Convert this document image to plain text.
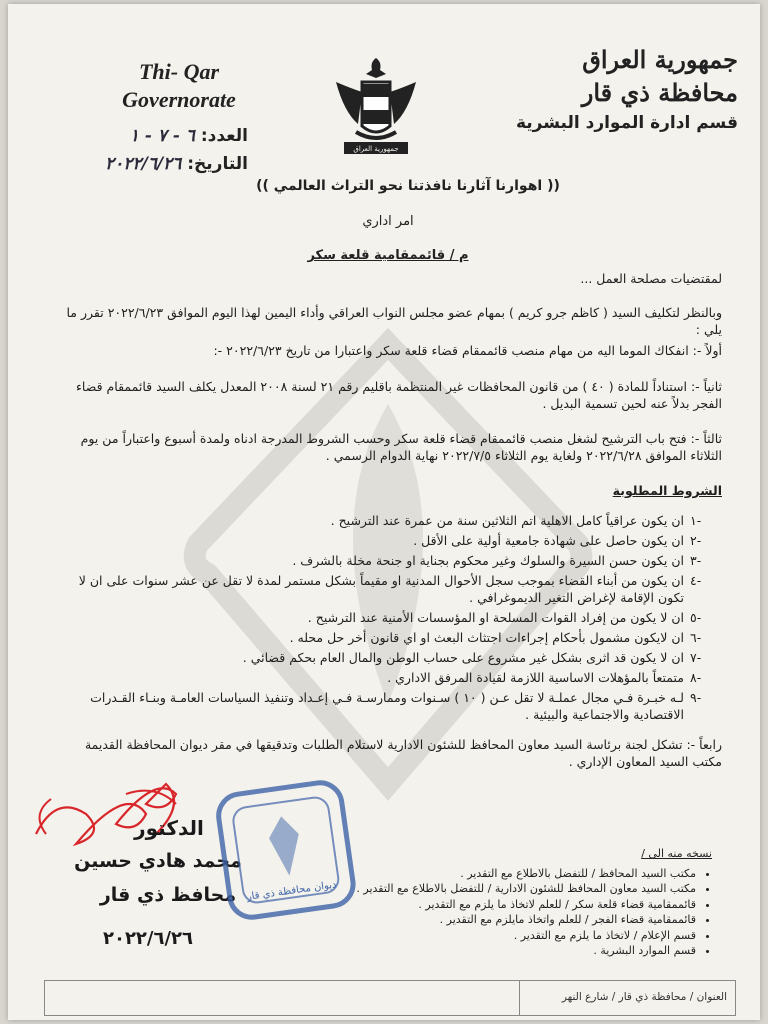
جمهورية العراق
محافظة ذي قار
قسم ادارة الموارد البشرية
جمهورية العراق
Thi- Qar
Governorate
العدد: ٦ - ٧ - ١
التاريخ: ٢٠٢٢/٦/٢٦
(( اهوارنا آثارنا نافذتنا نحو التراث العالمي ))
امر اداري
م / قائممقامية قلعة سكر
لمقتضيات مصلحة العمل ...
وبالنظر لتكليف السيد ( كاظم جرو كريم ) بمهام عضو مجلس النواب العراقي وأداء اليمين لهذا اليوم الموافق ٢٠٢٢/٦/٢٣ تقرر ما يلي :
أولاً -: انفكاك الموما اليه من مهام منصب قائممقام قضاء قلعة سكر واعتبارا من تاريخ ٢٠٢٢/٦/٢٣ -:
ثانياً -: استناداً للمادة ( ٤٠ ) من قانون المحافظات غير المنتظمة باقليم رقم ٢١ لسنة ٢٠٠٨ المعدل يكلف السيد قائممقام قضاء الفجر بدلاً عنه لحين تسمية البديل .
ثالثاً -: فتح باب الترشيح لشغل منصب قائممقام قضاء قلعة سكر وحسب الشروط المدرجة ادناه ولمدة أسبوع واعتباراً من يوم الثلاثاء الموافق ٢٠٢٢/٦/٢٨ ولغاية يوم الثلاثاء ٢٠٢٢/٧/٥ نهاية الدوام الرسمي .
الشروط المطلوبة
-١
ان يكون عراقياً كامل الاهلية اتم الثلاثين سنة من عمرة عند الترشيح .
-٢
ان يكون حاصل على شهادة جامعية أولية على الأقل .
-٣
ان يكون حسن السيرة والسلوك وغير محكوم بجناية او جنحة مخلة بالشرف .
-٤
ان يكون من أبناء القضاء بموجب سجل الأحوال المدنية او مقيماً بشكل مستمر لمدة لا تقل عن عشر سنوات على ان لا تكون الإقامة لإغراض التغير الديموغرافي .
-٥
ان لا يكون من إفراد القوات المسلحة او المؤسسات الأمنية عند الترشيح .
-٦
ان لايكون مشمول بأحكام إجراءات اجتثاث البعث او اي قانون أخر حل محله .
-٧
ان لا يكون قد اثرى بشكل غير مشروع على حساب الوطن والمال العام بحكم قضائي .
-٨
متمتعاً بالمؤهلات الاساسية اللازمة لقيادة المرفق الاداري .
-٩
لـه خبـرة فـي مجال عملـة لا تقل عـن ( ١٠ ) سـنوات وممارسـة فـي إعـداد وتنفيذ السياسات العامـة وبنـاء القـدرات الاقتصادية والاجتماعية والبيئية .
رابعاً -: تشكل لجنة برئاسة السيد معاون المحافظ للشئون الادارية لاستلام الطلبات وتدقيقها في مقر ديوان المحافظة القديمة مكتب السيد المعاون الإداري .
الدكتور
محمد هادي حسين
محافظ ذي قار
٢٠٢٢/٦/٢٦
ديوان محافظة ذي قار
نسخه منه الى /
• مكتب السيد المحافظ / للتفضل بالاطلاع مع التقدير .
• مكتب السيد معاون المحافظ للشئون الادارية / للتفضل بالاطلاع مع التقدير .
• قائممقامية قضاء قلعة سكر / للعلم لاتخاذ ما يلزم مع التقدير .
• قائممقامية قضاء الفجر / للعلم واتخاذ مايلزم مع التقدير .
• قسم الإعلام / لاتخاذ ما يلزم مع التقدير .
• قسم الموارد البشرية .
العنوان / محافظة ذي قار / شارع النهر
